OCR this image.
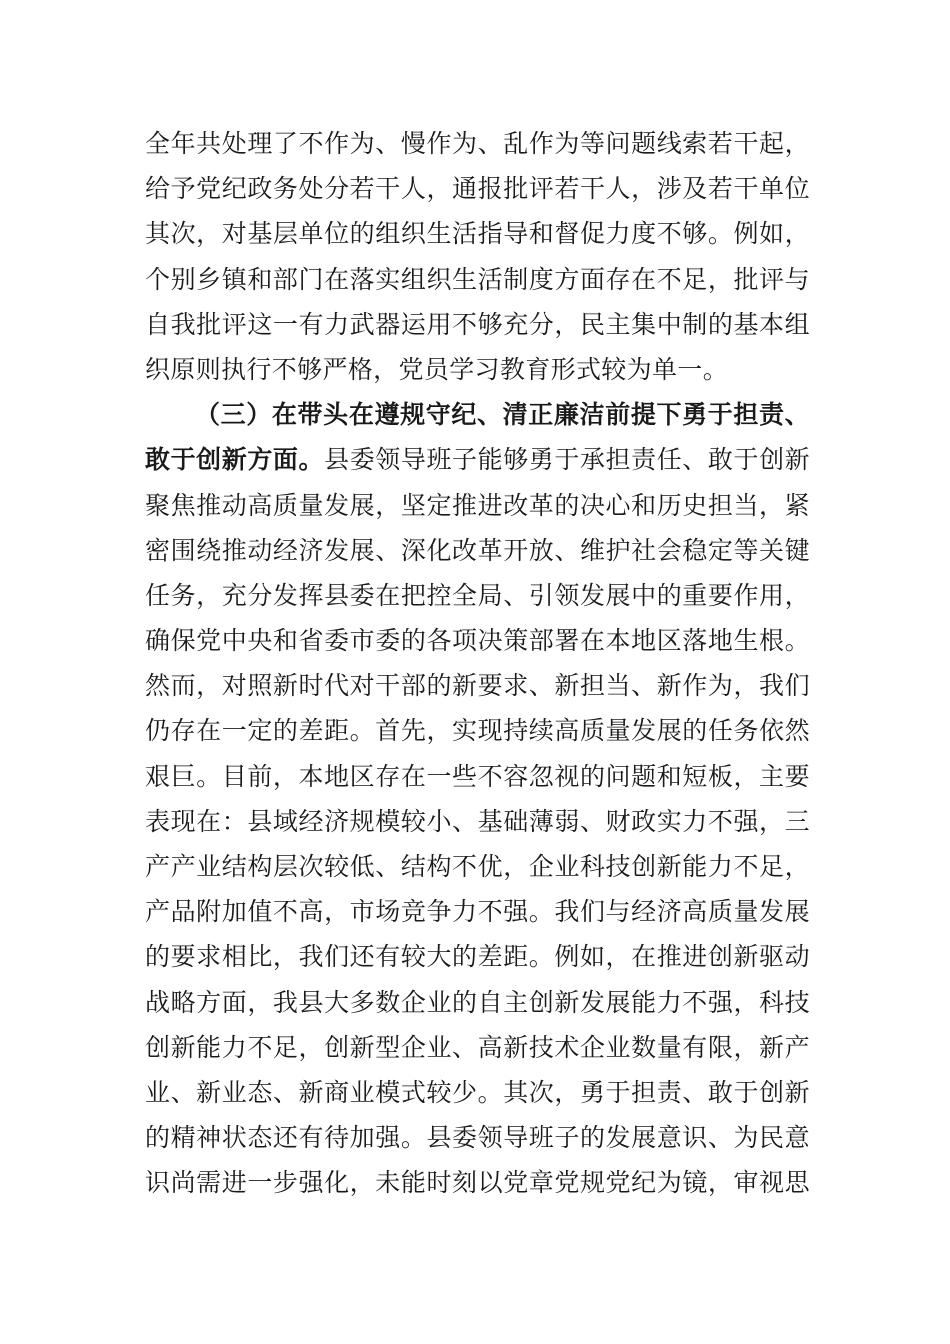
全年共处理了不作为、慢作为、乱作为等问题线索若干起，
给予党纪政务处分若干人，通报批评若干人，涉及若干单位
其次，对基层单位的组织生活指导和督促力度不够。例如，
个别乡镇和部门在落实组织生活制度方面存在不足，批评与
自我批评这一有力武器运用不够充分，民主集中制的基本组
织原则执行不够严格，党员学习教育形式较为单一。
（三）在带头在遵规守纪、清正廉洁前提下勇于担责、
敢于创新方面。县委领导班子能够勇于承担责任、敢于创新
聚焦推动高质量发展，坚定推进改革的决心和历史担当，紧
密围绕推动经济发展、深化改革开放、维护社会稳定等关键
任务，充分发挥县委在把控全局、引领发展中的重要作用，
确保党中央和省委市委的各项决策部署在本地区落地生根。
然而，对照新时代对干部的新要求、新担当、新作为，我们
仍存在一定的差距。首先，实现持续高质量发展的任务依然
艰巨。目前，本地区存在一些不容忽视的问题和短板，主要
表现在：县域经济规模较小、基础薄弱、财政实力不强，三
产产业结构层次较低、结构不优，企业科技创新能力不足，
产品附加值不高，市场竞争力不强。我们与经济高质量发展
的要求相比，我们还有较大的差距。例如，在推进创新驱动
战略方面，我县大多数企业的自主创新发展能力不强，科技
创新能力不足，创新型企业、高新技术企业数量有限，新产
业、新业态、新商业模式较少。其次，勇于担责、敢于创新
的精神状态还有待加强。县委领导班子的发展意识、为民意
识尚需进一步强化，未能时刻以党章党规党纪为镜，审视思
